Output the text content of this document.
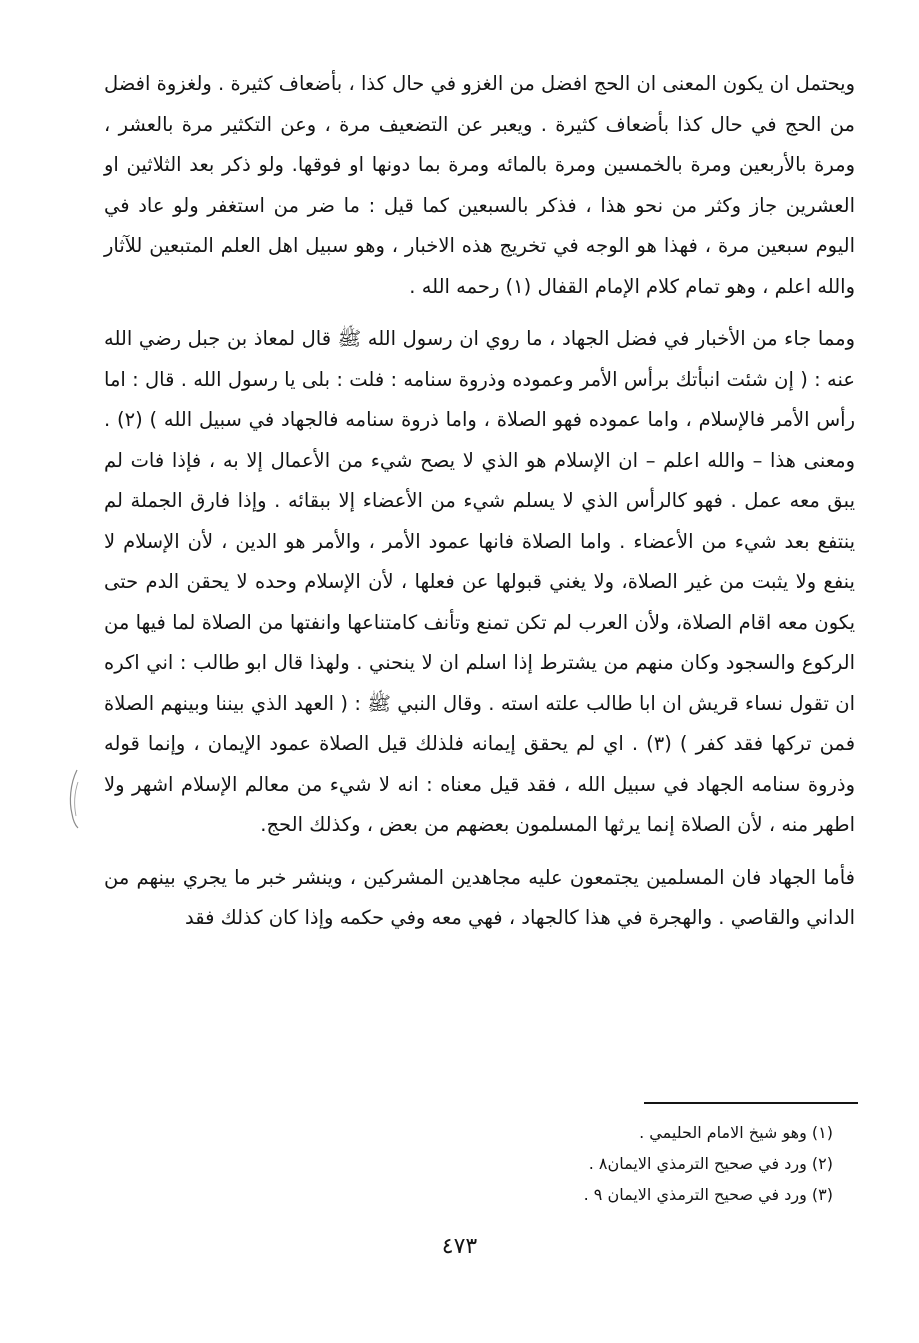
ويحتمل ان يكون المعنى ان الحج افضل من الغزو في حال كذا ، بأضعاف كثيرة . ولغزوة افضل من الحج في حال كذا بأضعاف كثيرة . ويعبر عن التضعيف مرة ، وعن التكثير مرة بالعشر ، ومرة بالأربعين ومرة بالخمسين ومرة بالمائه ومرة بما دونها او فوقها. ولو ذكر بعد الثلاثين او العشرين جاز وكثر من نحو هذا ، فذكر بالسبعين كما قيل : ما ضر من استغفر ولو عاد في اليوم سبعين مرة ، فهذا هو الوجه في تخريج هذه الاخبار ، وهو سبيل اهل العلم المتبعين للآثار والله اعلم ، وهو تمام كلام الإمام القفال (١) رحمه الله .

ومما جاء من الأخبار في فضل الجهاد ، ما روي ان رسول الله ﷺ قال لمعاذ بن جبل رضي الله عنه : ( إن شئت انبأتك برأس الأمر وعموده وذروة سنامه : فلت : بلى يا رسول الله . قال : اما رأس الأمر فالإسلام ، واما عموده فهو الصلاة ، واما ذروة سنامه فالجهاد في سبيل الله ) (٢) . ومعنى هذا – والله اعلم – ان الإسلام هو الذي لا يصح شيء من الأعمال إلا به ، فإذا فات لم يبق معه عمل . فهو كالرأس الذي لا يسلم شيء من الأعضاء إلا ببقائه . وإذا فارق الجملة لم ينتفع بعد شيء من الأعضاء . واما الصلاة فانها عمود الأمر ، والأمر هو الدين ، لأن الإسلام لا ينفع ولا يثبت من غير الصلاة، ولا يغني قبولها عن فعلها ، لأن الإسلام وحده لا يحقن الدم حتى يكون معه اقام الصلاة، ولأن العرب لم تكن تمنع وتأنف كامتناعها وانفتها من الصلاة لما فيها من الركوع والسجود وكان منهم من يشترط إذا اسلم ان لا ينحني . ولهذا قال ابو طالب : اني اكره ان تقول نساء قريش ان ابا طالب علته استه . وقال النبي ﷺ : ( العهد الذي بيننا وبينهم الصلاة فمن تركها فقد كفر ) (٣) . اي لم يحقق إيمانه فلذلك قيل الصلاة عمود الإيمان ، وإنما قوله وذروة سنامه الجهاد في سبيل الله ، فقد قيل معناه : انه لا شيء من معالم الإسلام اشهر ولا اطهر منه ، لأن الصلاة إنما يرثها المسلمون بعضهم من بعض ، وكذلك الحج.

فأما الجهاد فان المسلمين يجتمعون عليه مجاهدين المشركين ، وينشر خبر ما يجري بينهم من الداني والقاصي . والهجرة في هذا كالجهاد ، فهي معه وفي حكمه وإذا كان كذلك فقد

(١) وهو شيخ الامام الحليمي .
(٢) ورد في صحيح الترمذي الايمان٨ .
(٣) ورد في صحيح الترمذي الايمان ٩ .
٤٧٣
